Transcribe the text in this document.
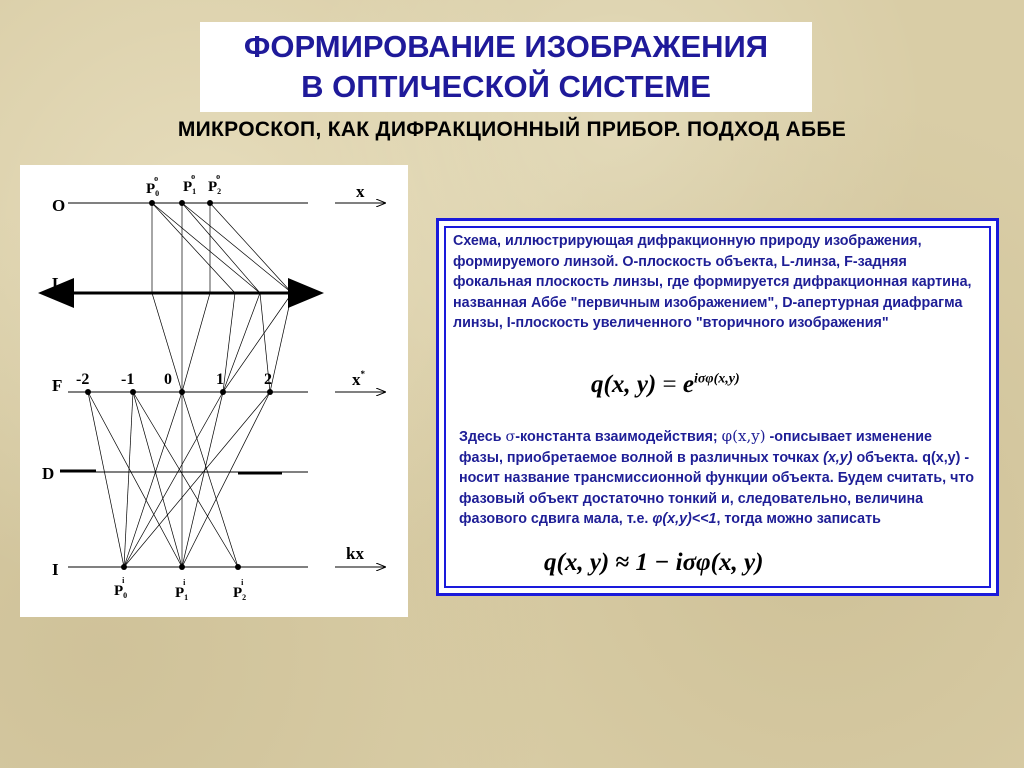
ФОРМИРОВАНИЕ ИЗОБРАЖЕНИЯ
В ОПТИЧЕСКОЙ СИСТЕМЕ
МИКРОСКОП, КАК ДИФРАКЦИОННЫЙ ПРИБОР. ПОДХОД АББЕ
O
L
F
D
I
$P_0o$
$P_1o$
$P_2o$
-2 -1 0	1	2
$P_0i$
$P_1i$
$P_2i$
x
x*
kx
Схема, иллюстрирующая дифракционную природу изображения, формируемого линзой. O-плоскость объекта, L-линза, F-задняя фокальная плоскость линзы, где формируется дифракционная картина, названная Аббе "первичным изображением", D-апертурная диафрагма линзы, I-плоскость увеличенного "вторичного изображения"
q(x, $y) = e^{i\sigma\varphi(x,y)}$
Здесь σ-константа взаимодействия; φ(x,y) -описывает изменение фазы, приобретаемое волной в различных точках (x,y) объекта. q(x,y) - носит название трансмиссионной функции объекта. Будем считать, что фазовый объект достаточно тонкий и, следовательно, величина фазового сдвига мала, т.е. φ(x,y)<<1, тогда можно записать
q(x, y) ≈ 1 − iσφ(x, y)
